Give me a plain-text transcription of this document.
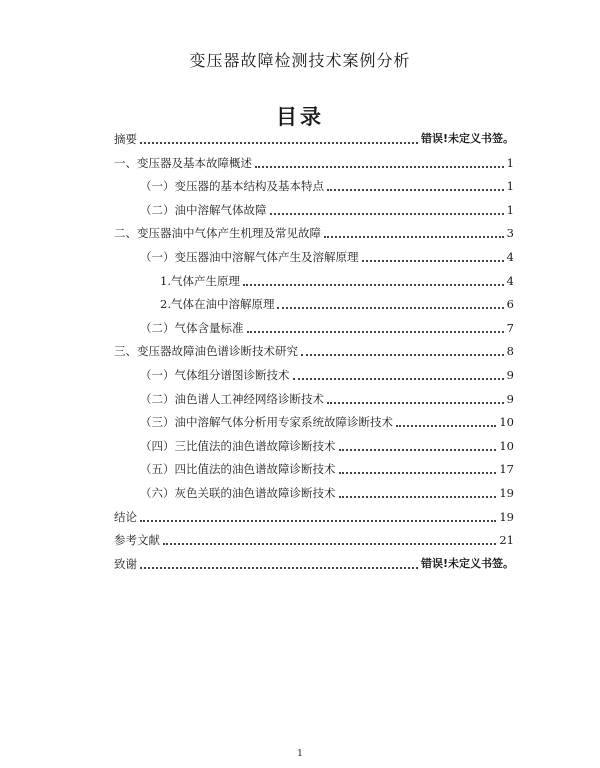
变压器故障检测技术案例分析
目录
摘要	错误!未定义书签。
一、变压器及基本故障概述	1
（一）变压器的基本结构及基本特点	1
（二）油中溶解气体故障	1
二、变压器油中气体产生机理及常见故障	3
（一）变压器油中溶解气体产生及溶解原理	4
1.气体产生原理	4
2.气体在油中溶解原理	6
（二）气体含量标准	7
三、变压器故障油色谱诊断技术研究	8
（一）气体组分谱图诊断技术	9
（二）油色谱人工神经网络诊断技术	9
（三）油中溶解气体分析用专家系统故障诊断技术	10
（四）三比值法的油色谱故障诊断技术	10
（五）四比值法的油色谱故障诊断技术	17
（六）灰色关联的油色谱故障诊断技术	19
结论	19
参考文献	21
致谢	错误!未定义书签。
1
